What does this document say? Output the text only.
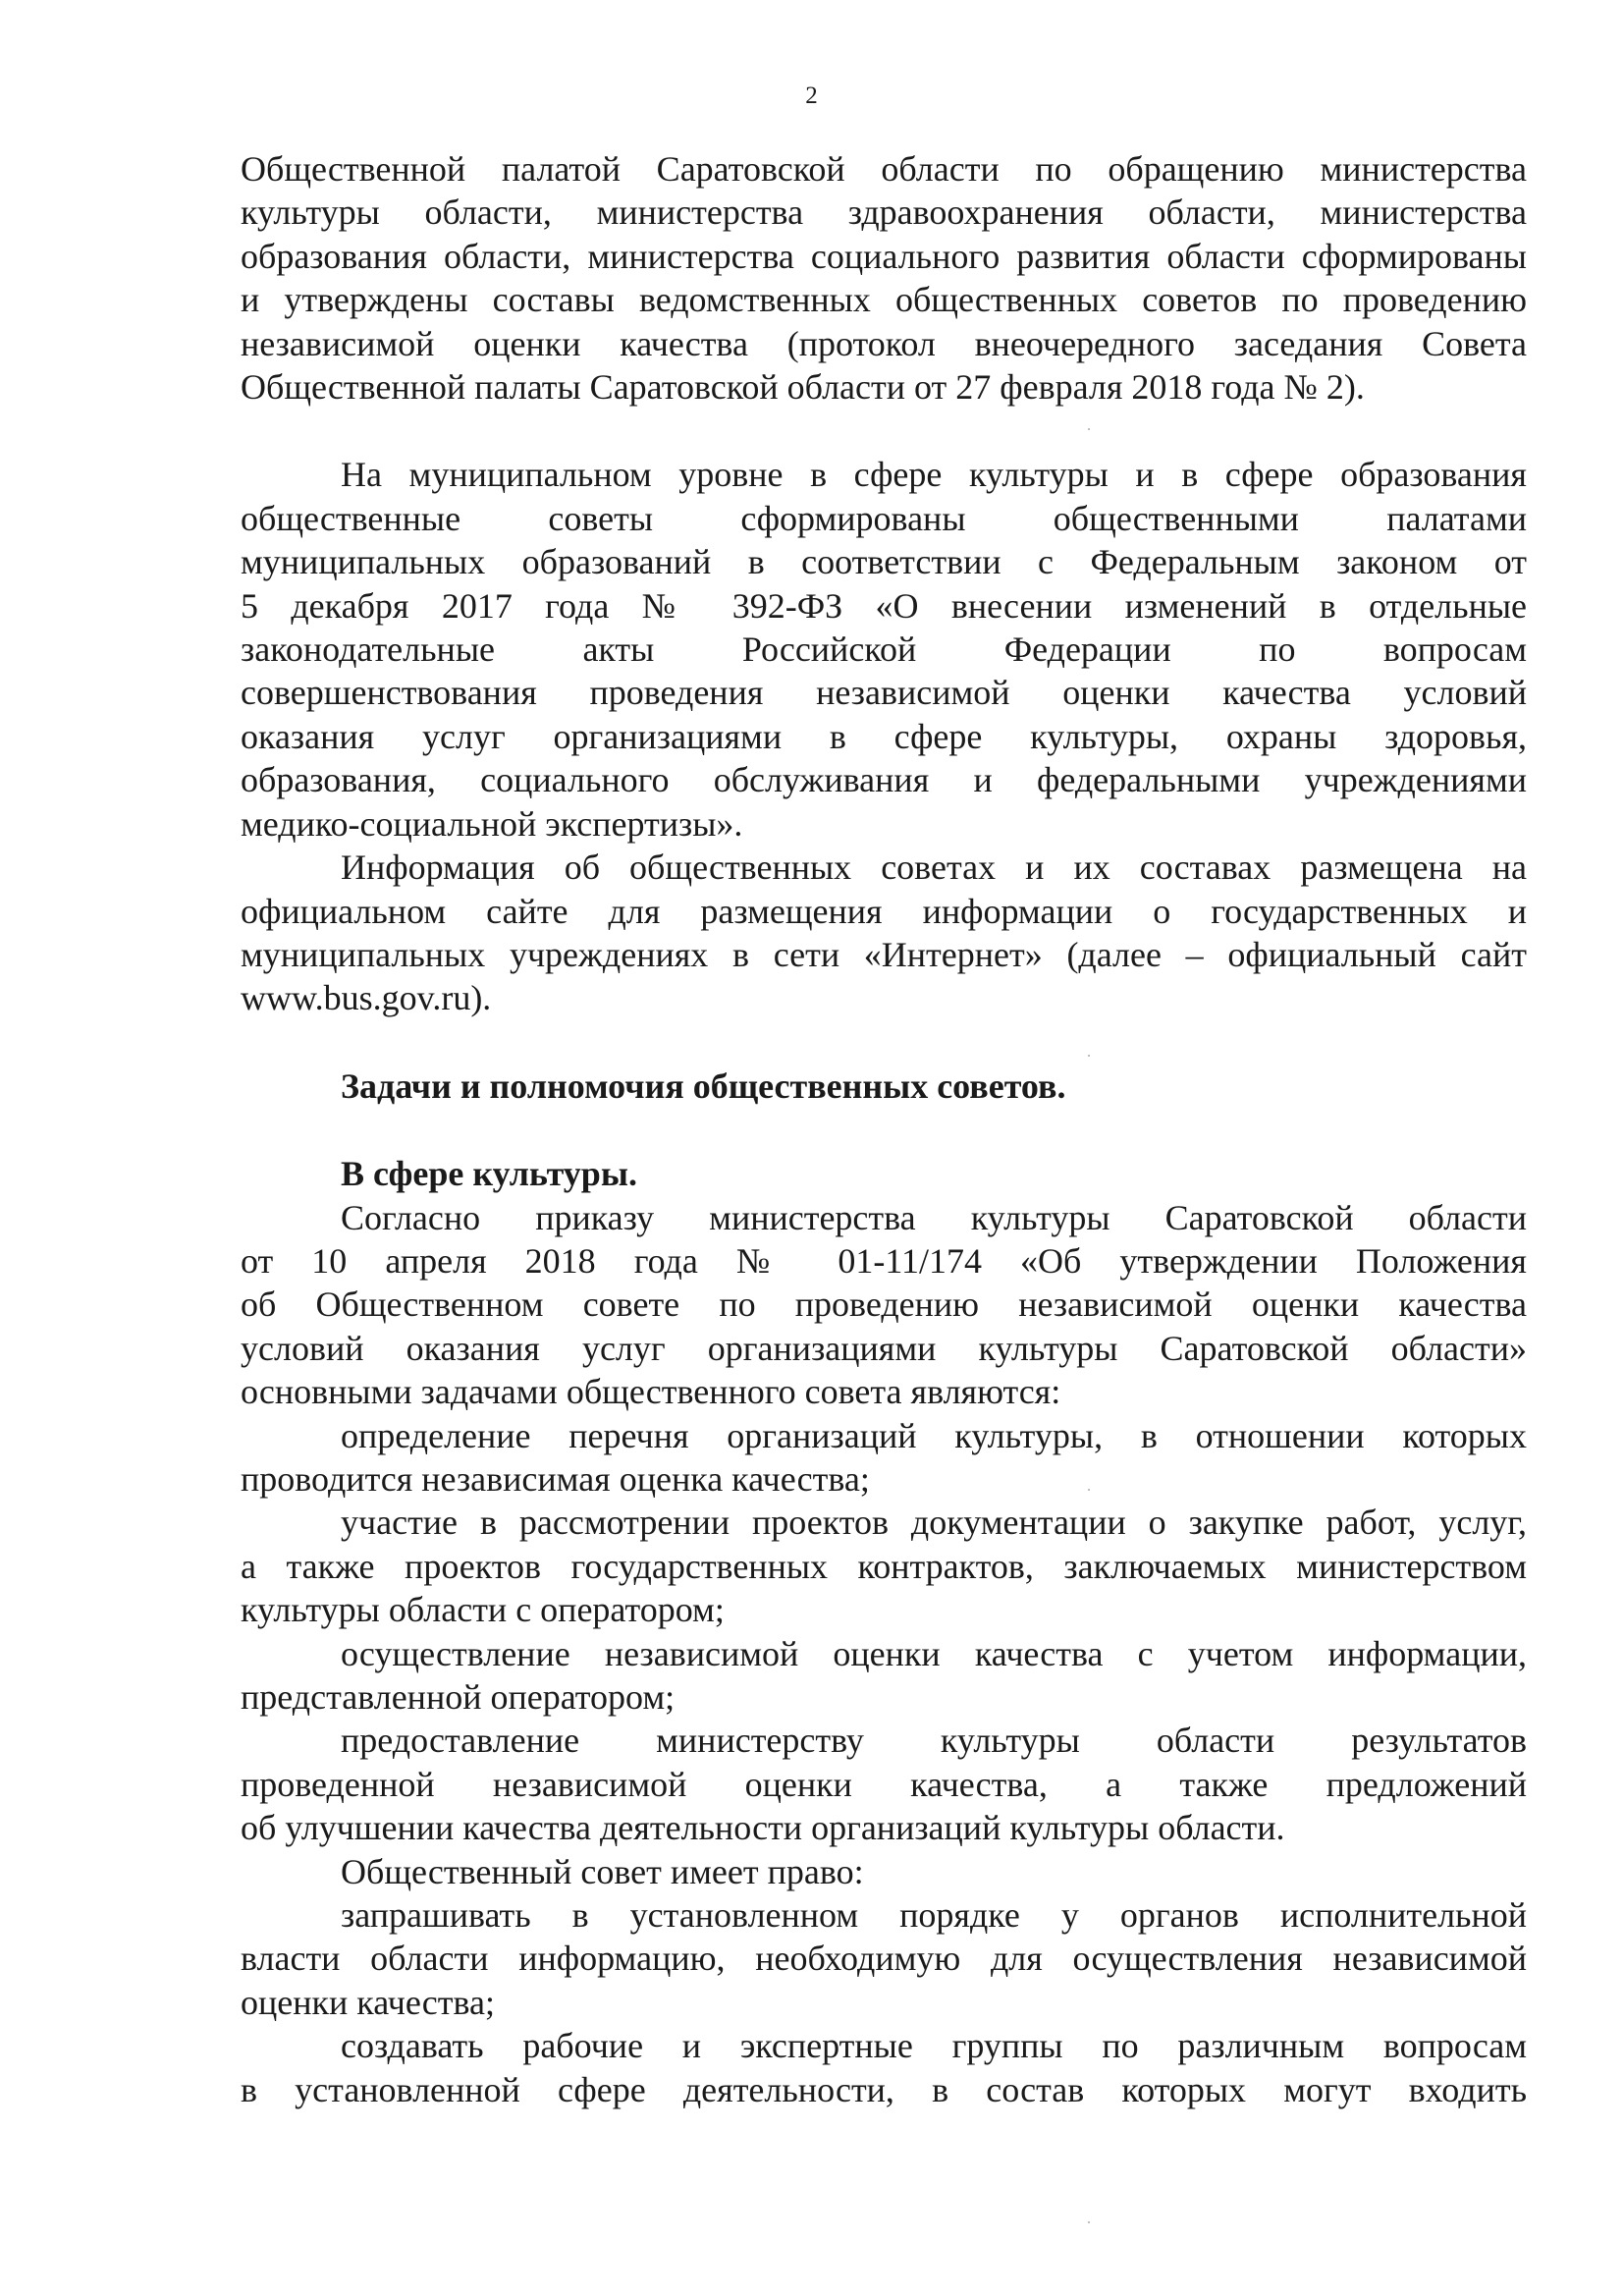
2
Общественной палатой Саратовской области по обращению министерства
культуры области, министерства здравоохранения области, министерства
образования области, министерства социального развития области сформированы
и утверждены составы ведомственных общественных советов по проведению
независимой оценки качества (протокол внеочередного заседания Совета
Общественной палаты Саратовской области от 27 февраля 2018 года № 2).
На муниципальном уровне в сфере культуры и в сфере образования
общественные советы сформированы общественными палатами
муниципальных образований в соответствии с Федеральным законом от
5 декабря 2017 года № 392-ФЗ «О внесении изменений в отдельные
законодательные акты Российской Федерации по вопросам
совершенствования проведения независимой оценки качества условий
оказания услуг организациями в сфере культуры, охраны здоровья,
образования, социального обслуживания и федеральными учреждениями
медико-социальной экспертизы».
Информация об общественных советах и их составах размещена на
официальном сайте для размещения информации о государственных и
муниципальных учреждениях в сети «Интернет» (далее – официальный сайт
www.bus.gov.ru).
Задачи и полномочия общественных советов.
В сфере культуры.
Согласно приказу министерства культуры Саратовской области
от 10 апреля 2018 года № 01-11/174 «Об утверждении Положения
об Общественном совете по проведению независимой оценки качества
условий оказания услуг организациями культуры Саратовской области»
основными задачами общественного совета являются:
определение перечня организаций культуры, в отношении которых
проводится независимая оценка качества;
участие в рассмотрении проектов документации о закупке работ, услуг,
а также проектов государственных контрактов, заключаемых министерством
культуры области с оператором;
осуществление независимой оценки качества с учетом информации,
представленной оператором;
предоставление министерству культуры области результатов
проведенной независимой оценки качества, а также предложений
об улучшении качества деятельности организаций культуры области.
Общественный совет имеет право:
запрашивать в установленном порядке у органов исполнительной
власти области информацию, необходимую для осуществления независимой
оценки качества;
создавать рабочие и экспертные группы по различным вопросам
в установленной сфере деятельности, в состав которых могут входить
